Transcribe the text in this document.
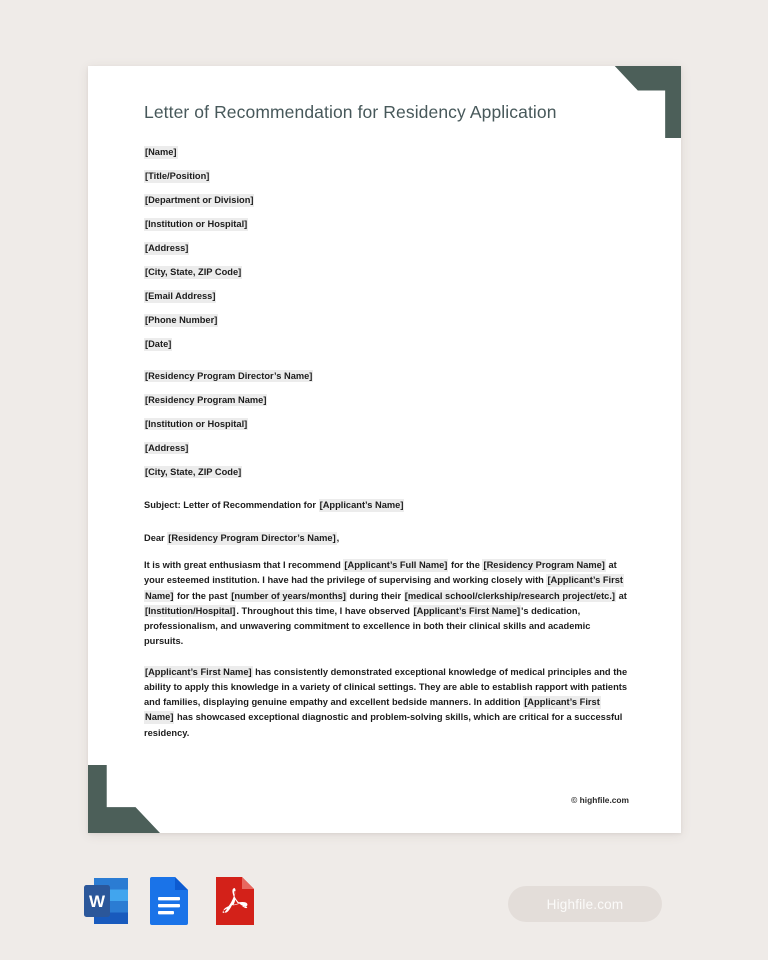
Letter of Recommendation for Residency Application
[Name]
[Title/Position]
[Department or Division]
[Institution or Hospital]
[Address]
[City, State, ZIP Code]
[Email Address]
[Phone Number]
[Date]
[Residency Program Director’s Name]
[Residency Program Name]
[Institution or Hospital]
[Address]
[City, State, ZIP Code]
Subject: Letter of Recommendation for [Applicant’s Name]
Dear [Residency Program Director’s Name],

It is with great enthusiasm that I recommend [Applicant’s Full Name] for the [Residency Program Name] at your esteemed institution. I have had the privilege of supervising and working closely with [Applicant’s First Name] for the past [number of years/months] during their [medical school/clerkship/research project/etc.] at [Institution/Hospital]. Throughout this time, I have observed [Applicant’s First Name]'s dedication, professionalism, and unwavering commitment to excellence in both their clinical skills and academic pursuits.

[Applicant’s First Name] has consistently demonstrated exceptional knowledge of medical principles and the ability to apply this knowledge in a variety of clinical settings. They are able to establish rapport with patients and families, displaying genuine empathy and excellent bedside manners. In addition [Applicant’s First Name] has showcased exceptional diagnostic and problem-solving skills, which are critical for a successful residency.

© highfile.com
W	Highfile.com
